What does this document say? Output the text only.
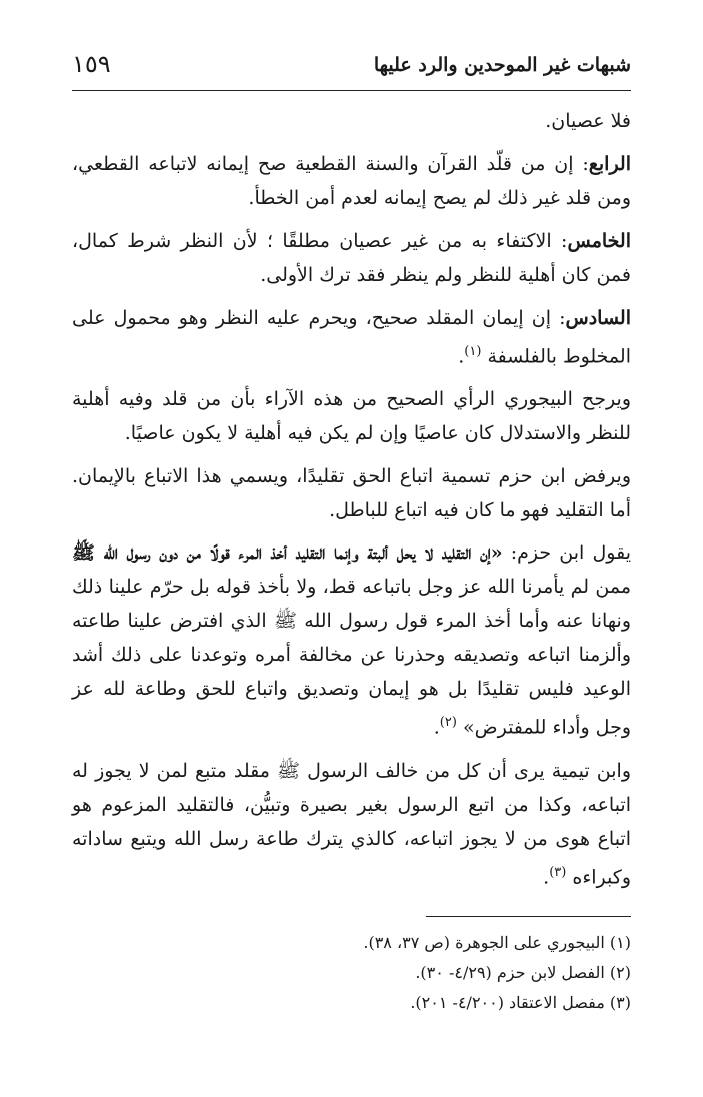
شبهات غير الموحدين والرد عليها
١٥٩

فلا عصيان.

الرابع: إن من قلّد القرآن والسنة القطعية صح إيمانه لاتباعه القطعي، ومن قلد غير ذلك لم يصح إيمانه لعدم أمن الخطأ.

الخامس: الاكتفاء به من غير عصيان مطلقًا ؛ لأن النظر شرط كمال، فمن كان أهلية للنظر ولم ينظر فقد ترك الأولى.

السادس: إن إيمان المقلد صحيح، ويحرم عليه النظر وهو محمول على المخلوط بالفلسفة $^{(١)}$.

ويرجح البيجوري الرأي الصحيح من هذه الآراء بأن من قلد وفيه أهلية للنظر والاستدلال كان عاصيًا وإن لم يكن فيه أهلية لا يكون عاصيًا.

ويرفض ابن حزم تسمية اتباع الحق تقليدًا، ويسمي هذا الاتباع بالإيمان. أما التقليد فهو ما كان فيه اتباع للباطل.

يقول ابن حزم: «إن التقليد لا يحل ألبتة وإنما التقليد أخذ المرء قولًا من دون رسول الله ﷺ ممن لم يأمرنا الله عز وجل باتباعه قط، ولا بأخذ قوله بل حرّم علينا ذلك ونهانا عنه وأما أخذ المرء قول رسول الله ﷺ الذي افترض علينا طاعته وألزمنا اتباعه وتصديقه وحذرنا عن مخالفة أمره وتوعدنا على ذلك أشد الوعيد فليس تقليدًا بل هو إيمان وتصديق واتباع للحق وطاعة لله عز وجل وأداء للمفترض» $^{(٢)}$.

وابن تيمية يرى أن كل من خالف الرسول ﷺ مقلد متبع لمن لا يجوز له اتباعه، وكذا من اتبع الرسول بغير بصيرة وتبيُّن، فالتقليد المزعوم هو اتباع هوى من لا يجوز اتباعه، كالذي يترك طاعة رسل الله ويتبع ساداته وكبراءه $^{(٣)}$.

(١) البيجوري على الجوهرة (ص ٣٧، ٣٨).
(٢) الفصل لابن حزم (٤/٢٩- ٣٠).
(٣) مفصل الاعتقاد (٤/٢٠٠- ٢٠١).
